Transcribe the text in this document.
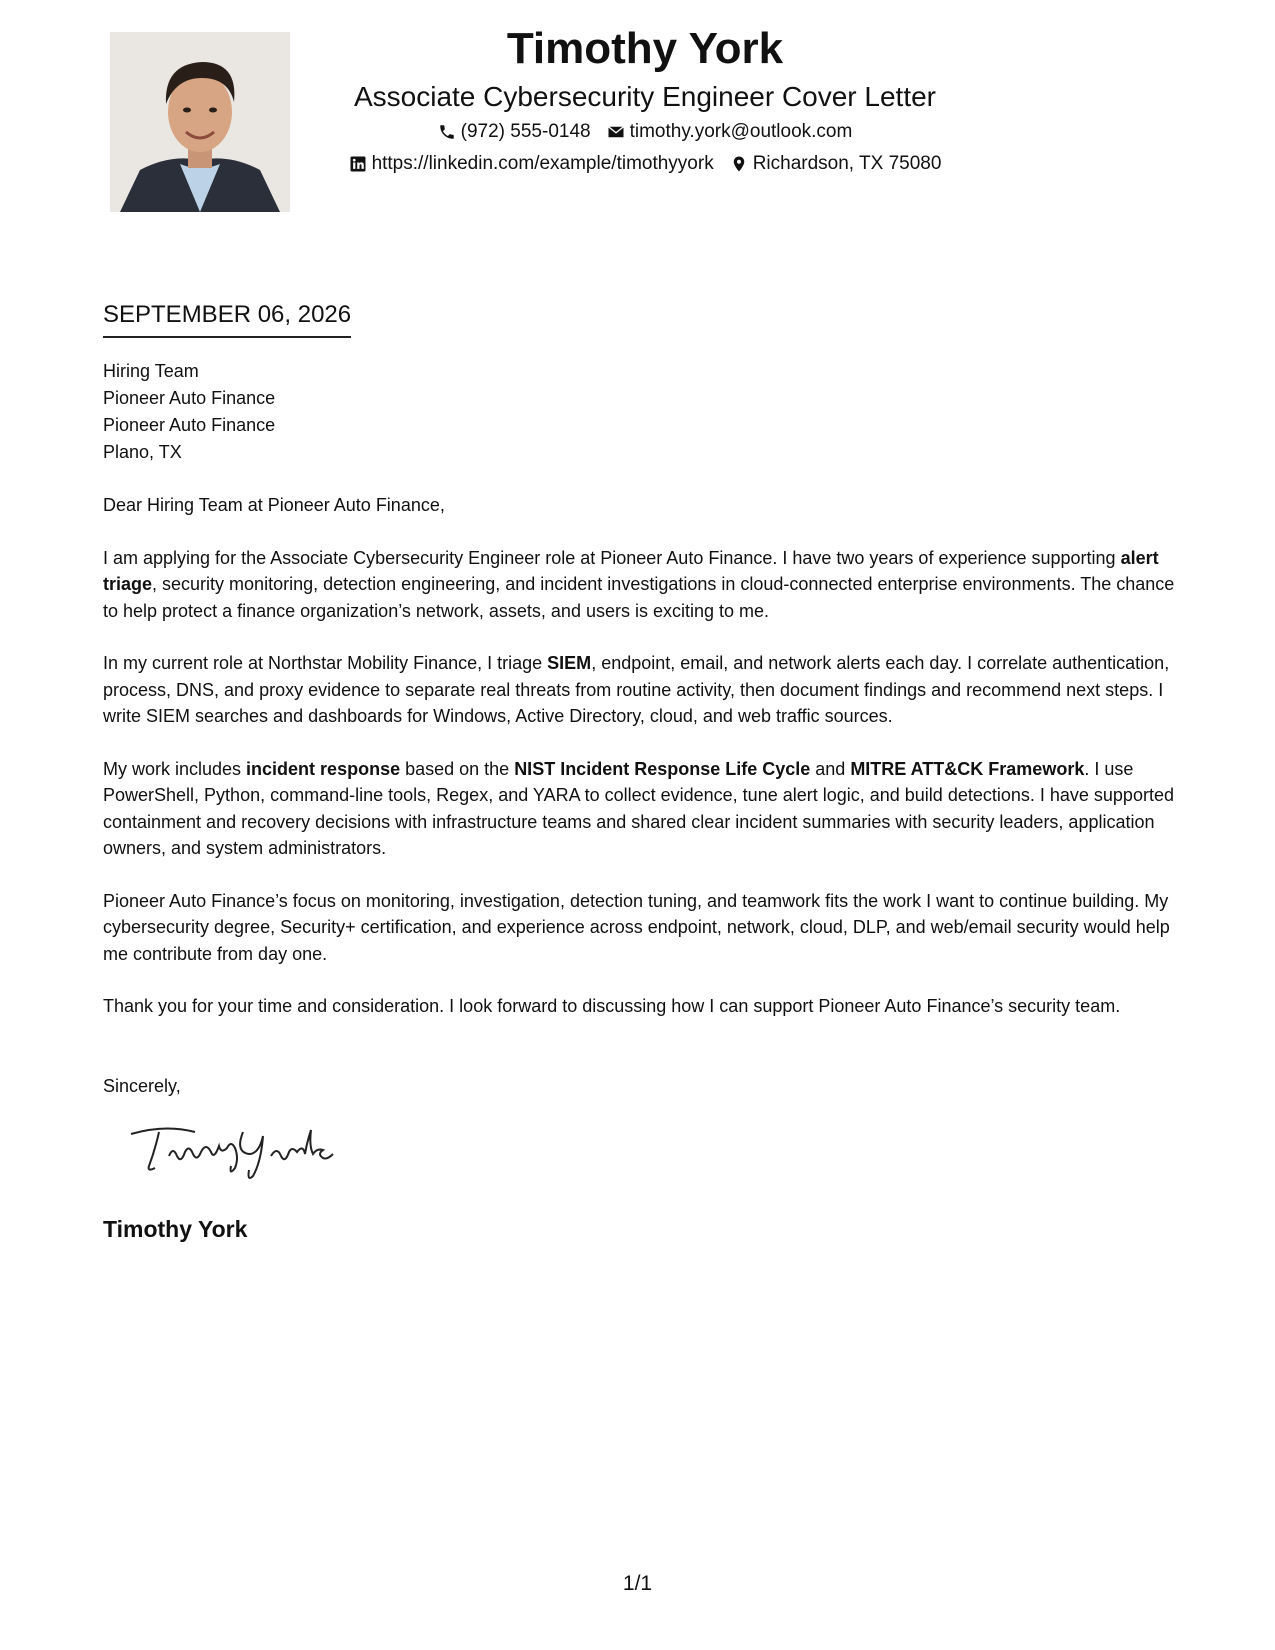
Timothy York
Associate Cybersecurity Engineer Cover Letter
(972) 555-0148 timothy.york@outlook.com
https://linkedin.com/example/timothyyork Richardson, TX 75080
SEPTEMBER 06, 2026
Hiring Team
Pioneer Auto Finance
Pioneer Auto Finance
Plano, TX

Dear Hiring Team at Pioneer Auto Finance,

I am applying for the Associate Cybersecurity Engineer role at Pioneer Auto Finance. I have two years of experience supporting alert triage, security monitoring, detection engineering, and incident investigations in cloud-connected enterprise environments. The chance to help protect a finance organization’s network, assets, and users is exciting to me.

In my current role at Northstar Mobility Finance, I triage SIEM, endpoint, email, and network alerts each day. I correlate authentication, process, DNS, and proxy evidence to separate real threats from routine activity, then document findings and recommend next steps. I write SIEM searches and dashboards for Windows, Active Directory, cloud, and web traffic sources.

My work includes incident response based on the NIST Incident Response Life Cycle and MITRE ATT&CK Framework. I use PowerShell, Python, command-line tools, Regex, and YARA to collect evidence, tune alert logic, and build detections. I have supported containment and recovery decisions with infrastructure teams and shared clear incident summaries with security leaders, application owners, and system administrators.

Pioneer Auto Finance’s focus on monitoring, investigation, detection tuning, and teamwork fits the work I want to continue building. My cybersecurity degree, Security+ certification, and experience across endpoint, network, cloud, DLP, and web/email security would help me contribute from day one.

Thank you for your time and consideration. I look forward to discussing how I can support Pioneer Auto Finance’s security team.

Sincerely,
Timothy York
1/1
